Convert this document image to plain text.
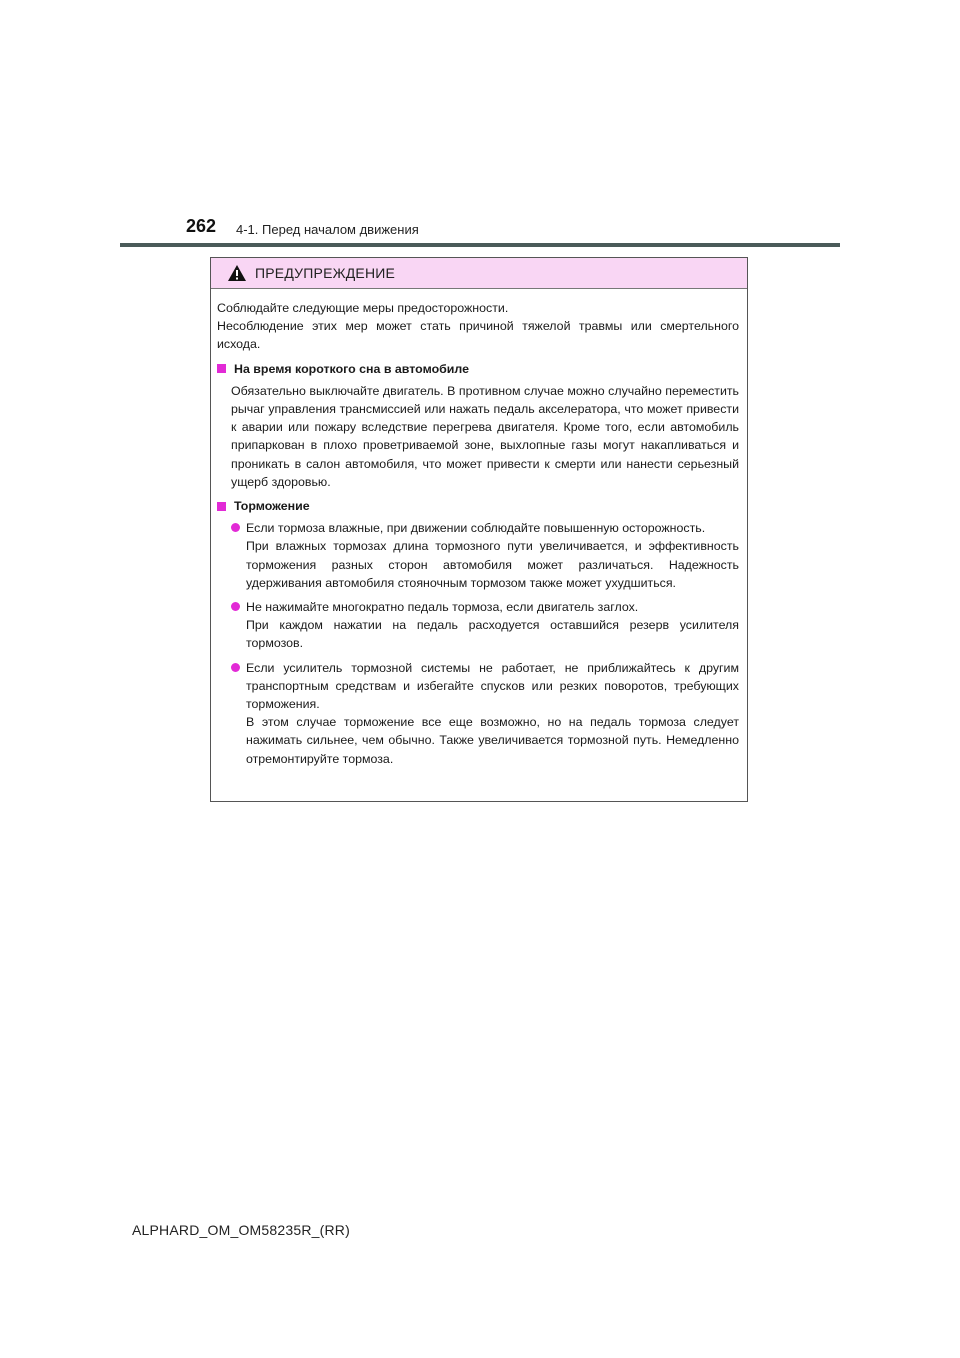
262 4-1. Перед началом движения
ПРЕДУПРЕЖДЕНИЕ

Соблюдайте следующие меры предосторожности.

Несоблюдение этих мер может стать причиной тяжелой травмы или смертельного исхода.

На время короткого сна в автомобиле

Обязательно выключайте двигатель. В противном случае можно случайно переместить рычаг управления трансмиссией или нажать педаль акселератора, что может привести к аварии или пожару вследствие перегрева двигателя. Кроме того, если автомобиль припаркован в плохо проветриваемой зоне, выхлопные газы могут накапливаться и проникать в салон автомобиля, что может привести к смерти или нанести серьезный ущерб здоровью.

Торможение

Если тормоза влажные, при движении соблюдайте повышенную осторожность.

При влажных тормозах длина тормозного пути увеличивается, и эффективность торможения разных сторон автомобиля может различаться. Надежность удерживания автомобиля стояночным тормозом также может ухудшиться.

Не нажимайте многократно педаль тормоза, если двигатель заглох.

При каждом нажатии на педаль расходуется оставшийся резерв усилителя тормозов.

Если усилитель тормозной системы не работает, не приближайтесь к другим транспортным средствам и избегайте спусков или резких поворотов, требующих торможения.

В этом случае торможение все еще возможно, но на педаль тормоза следует нажимать сильнее, чем обычно. Также увеличивается тормозной путь. Немедленно отремонтируйте тормоза.

ALPHARD_OM_OM58235R_(RR)
